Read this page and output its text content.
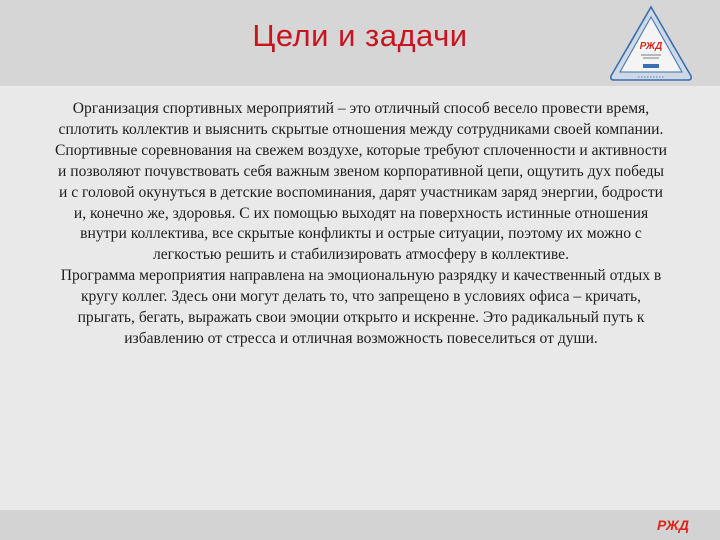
Цели и задачи	РЖД

Организация спортивных мероприятий – это отличный способ весело провести время, сплотить коллектив и выяснить скрытые отношения между сотрудниками своей компании. Спортивные соревнования на свежем воздухе, которые требуют сплоченности и активности и позволяют почувствовать себя важным звеном корпоративной цепи, ощутить дух победы и с головой окунуться в детские воспоминания, дарят участникам заряд энергии, бодрости и, конечно же, здоровья. С их помощью выходят на поверхность истинные отношения внутри коллектива, все скрытые конфликты и острые ситуации, поэтому их можно с легкостью решить и стабилизировать атмосферу в коллективе.

Программа мероприятия направлена на эмоциональную разрядку и качественный отдых в кругу коллег. Здесь они могут делать то, что запрещено в условиях офиса – кричать, прыгать, бегать, выражать свои эмоции открыто и искренне. Это радикальный путь к избавлению от стресса и отличная возможность повеселиться от души.

РЖД
